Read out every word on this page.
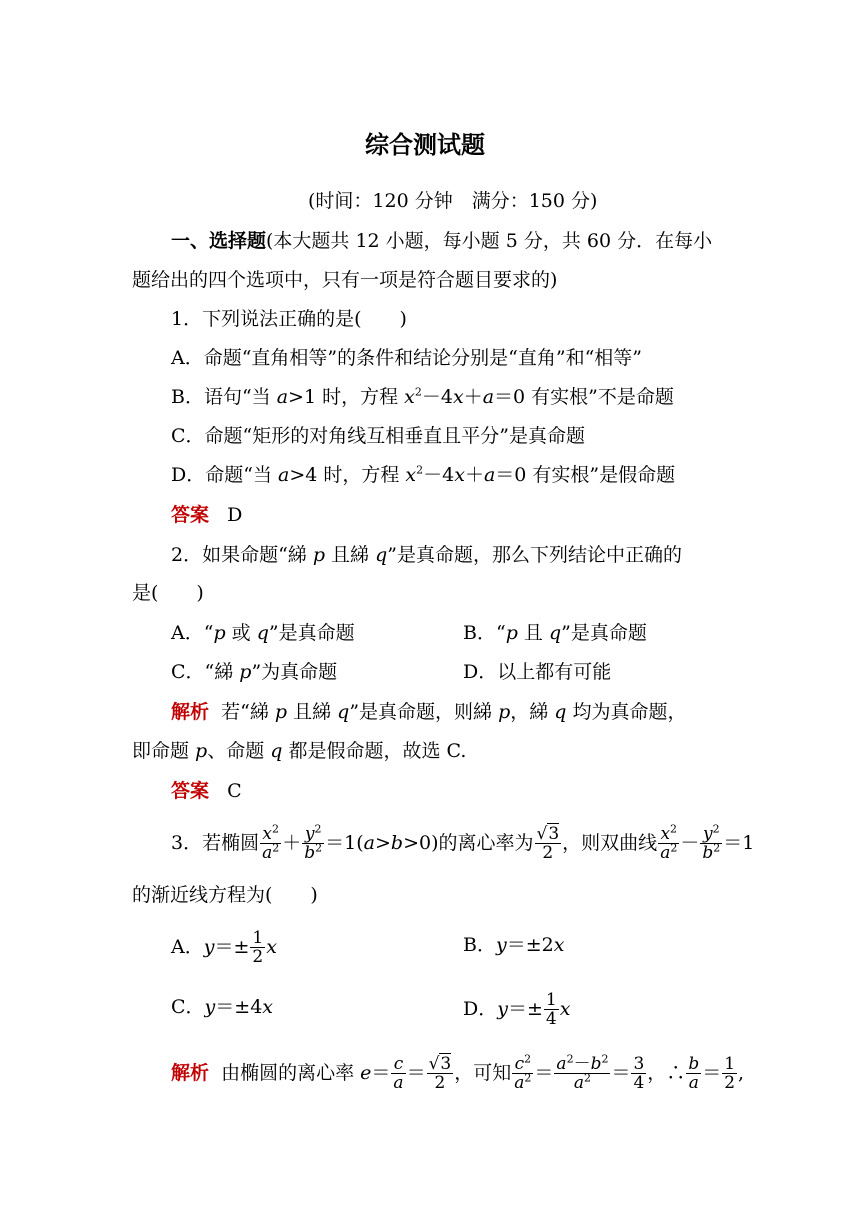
综合测试题
(时间：120 分钟　满分：150 分)
一、选择题(本大题共 12 小题，每小题 5 分，共 60 分．在每小
题给出的四个选项中，只有一项是符合题目要求的)
1．下列说法正确的是(　　)
A．命题“直角相等”的条件和结论分别是“直角”和“相等”
B．语句“当 a>1 时，方程 $x^2-4x+a=0$ 有实根”不是命题
C．命题“矩形的对角线互相垂直且平分”是真命题
D．命题“当 a>4 时，方程 $x^2-4x+a=0$ 有实根”是假命题
答案 D
2．如果命题“綈 p 且綈 q”是真命题，那么下列结论中正确的
是(　　)
A．“p 或 q”是真命题	B．“p 且 q”是真命题
C．“綈 p”为真命题	D．以上都有可能
解析 若“綈 p 且綈 q”是真命题，则綈 p，綈 q 均为真命题，
即命题 p、命题 q 都是假命题，故选 C.
答案 C
3．若椭圆 $\frac{x^2}{a^2} + \frac{y^2}{b^2} =1(a>b>0)$的离心率为 $\frac{√3}{2}$ ，则双曲线 $\frac{x^2}{a^2} - \frac{y^2}{b^2} =1$
的渐近线方程为(　　)
A．$y=\pm \frac{1}{2}$ x	B．y＝±2x
C．y＝±4x	D．$y=\pm \frac{1}{4}$ x
解析 由椭圆的离心率 $e= \frac{c}{a} = \frac{√3}{2}$ ，可知 $\frac{c^2}{a^2} = \frac{a^2-b^2}{a^2} = \frac{3}{4}$ ，∴ $\frac{b}{a} = \frac{1}{2}$ ,
